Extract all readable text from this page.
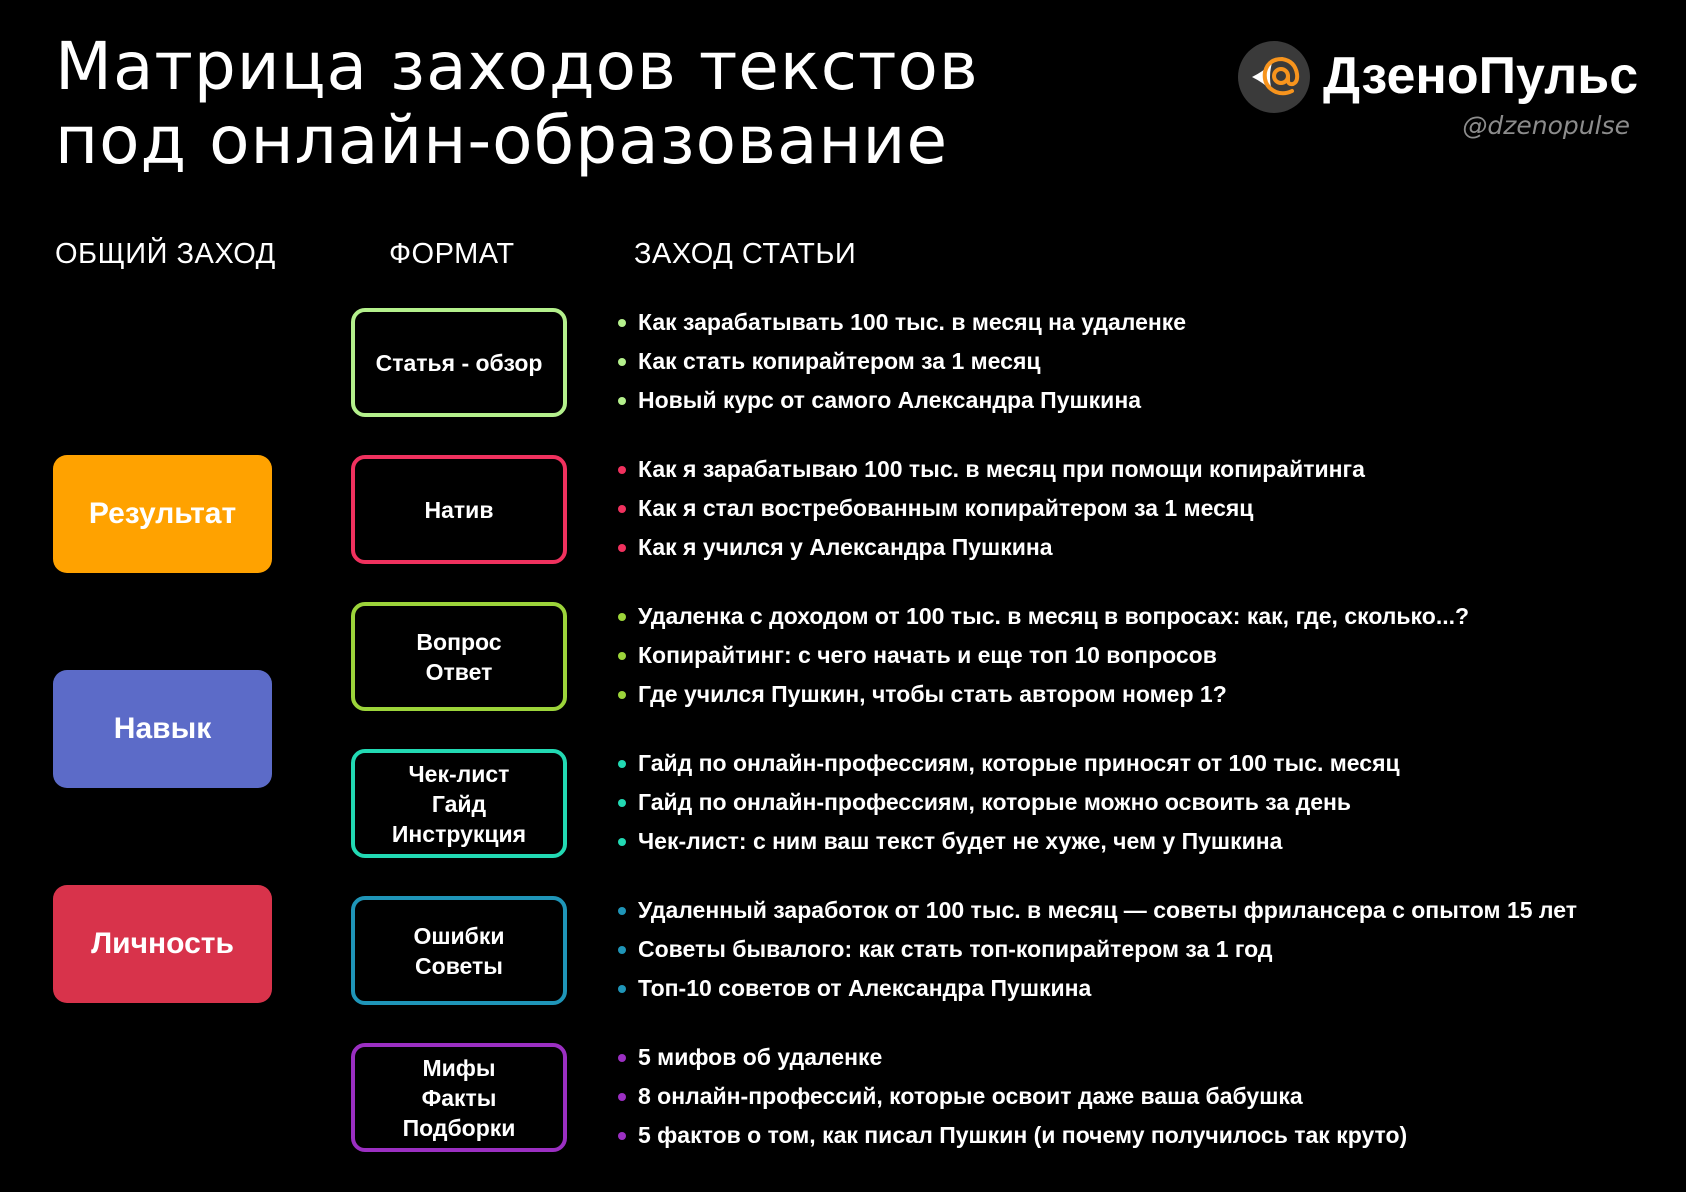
Матрица заходов текстов
под онлайн-образование
ДзеноПульс
@dzenopulse
ОБЩИЙ ЗАХОД	ФОРМАТ	ЗАХОД СТАТЬИ
Результат
Навык
Личность
Статья - обзор
Натив
Вопрос
Ответ
Чек-лист
Гайд
Инструкция
Ошибки
Советы
Мифы
Факты
Подборки
Как зарабатывать 100 тыс. в месяц на удаленке
Как стать копирайтером за 1 месяц
Новый курс от самого Александра Пушкина
Как я зарабатываю 100 тыс. в месяц при помощи копирайтинга
Как я стал востребованным копирайтером за 1 месяц
Как я учился у Александра Пушкина
Удаленка с доходом от 100 тыс. в месяц в вопросах: как, где, сколько...?
Копирайтинг: с чего начать и еще топ 10 вопросов
Где учился Пушкин, чтобы стать автором номер 1?
Гайд по онлайн-профессиям, которые приносят от 100 тыс. месяц
Гайд по онлайн-профессиям, которые можно освоить за день
Чек-лист: с ним ваш текст будет не хуже, чем у Пушкина
Удаленный заработок от 100 тыс. в месяц — советы фрилансера с опытом 15 лет
Советы бывалого: как стать топ-копирайтером за 1 год
Топ-10 советов от Александра Пушкина
5 мифов об удаленке
8 онлайн-профессий, которые освоит даже ваша бабушка
5 фактов о том, как писал Пушкин (и почему получилось так круто)
